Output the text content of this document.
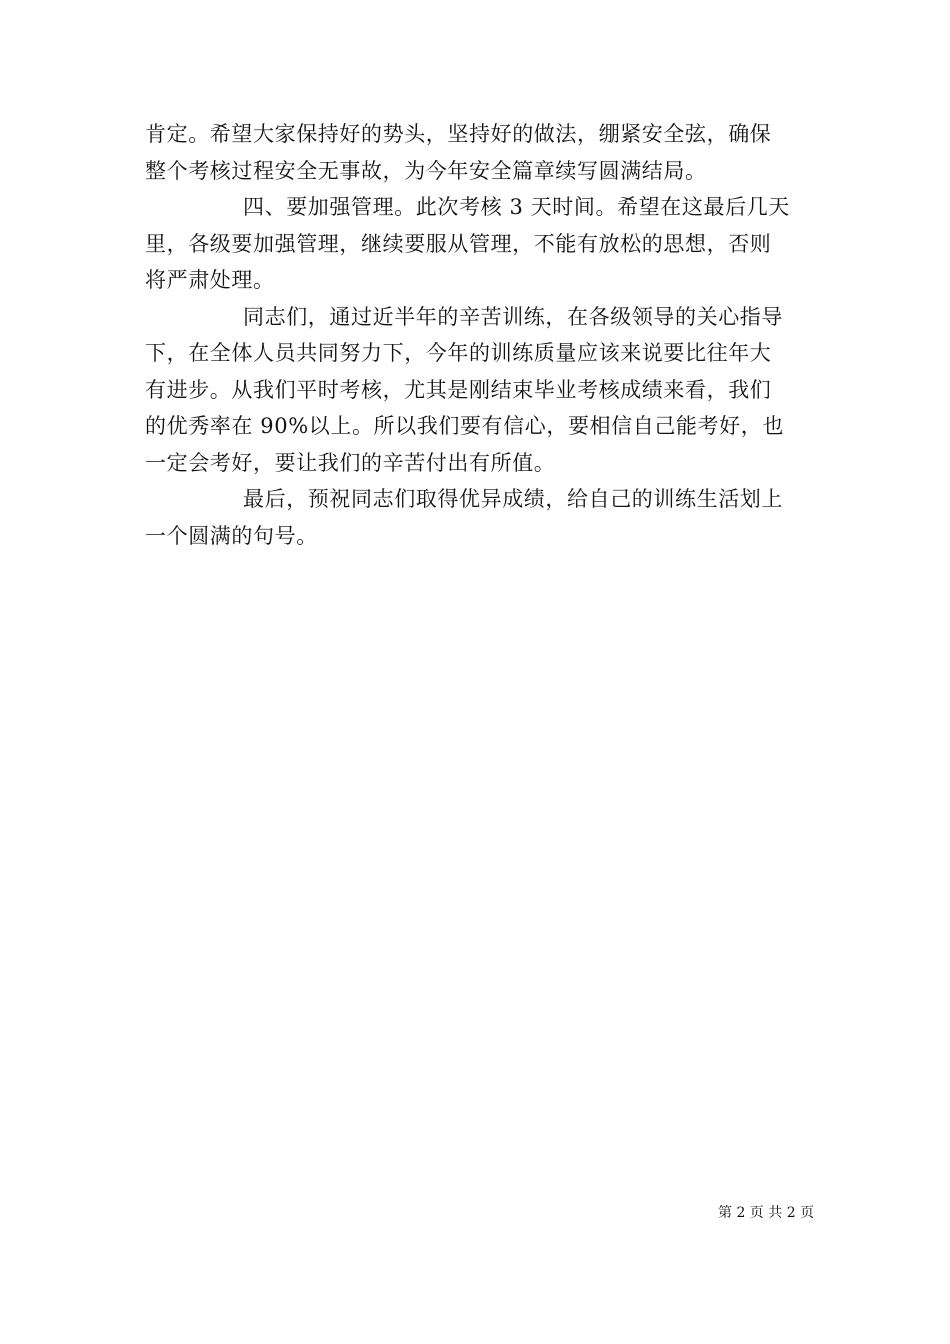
肯定。希望大家保持好的势头，坚持好的做法，绷紧安全弦，确保
整个考核过程安全无事故，为今年安全篇章续写圆满结局。

四、要加强管理。此次考核 3 天时间。希望在这最后几天
里，各级要加强管理，继续要服从管理，不能有放松的思想，否则
将严肃处理。

同志们，通过近半年的辛苦训练，在各级领导的关心指导
下，在全体人员共同努力下，今年的训练质量应该来说要比往年大
有进步。从我们平时考核，尤其是刚结束毕业考核成绩来看，我们
的优秀率在 90%以上。所以我们要有信心，要相信自己能考好，也
一定会考好，要让我们的辛苦付出有所值。

最后，预祝同志们取得优异成绩，给自己的训练生活划上
一个圆满的句号。

第 2 页 共 2 页
